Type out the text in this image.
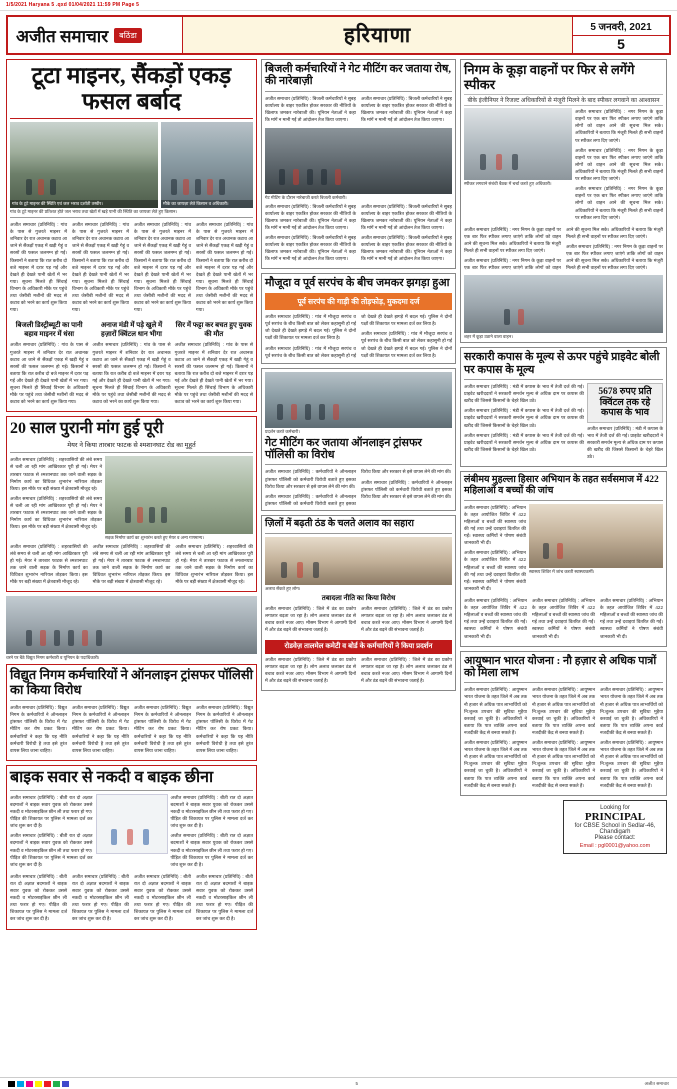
1/5/2021 Haryana 5 .qxd 01/04/2021 11:59 PM Page 5
अजीत समाचार	बठिंडा	हरियाणा	5 जनवरी, 2021
5
टूटा माइनर, सैंकड़ों एकड़ फसल बर्बाद
गांव के टूटे माइनर की स्थिति एवं जल भराव दर्शाती तस्वीर।	मौके का जायज़ा लेते किसान व अधिकारी।
गांव के टूटे माइनर की प्रतिशत होते जल भराव तथा खेतों में खड़े पानी की स्थिति का जायजा लेते हुए किसान।

अजीत समाचार (प्रतिनिधि) : गांव के पास से गुजरते माइनर में शनिवार देर रात अचानक कटाव आ जाने से सैंकड़ों एकड़ में खड़ी गेहूं व सरसों की फसल जलमग्न हो गई। किसानों ने बताया कि रात करीब दो बजे माइनर में दरार पड़ गई और देखते ही देखते पानी खेतों में भर गया। सूचना मिलते ही सिंचाई विभाग के अधिकारी मौके पर पहुंचे तथा जेसीबी मशीनों की मदद से कटाव को भरने का कार्य शुरू किया गया।

अजीत समाचार (प्रतिनिधि) : गांव के पास से गुजरते माइनर में शनिवार देर रात अचानक कटाव आ जाने से सैंकड़ों एकड़ में खड़ी गेहूं व सरसों की फसल जलमग्न हो गई। किसानों ने बताया कि रात करीब दो बजे माइनर में दरार पड़ गई और देखते ही देखते पानी खेतों में भर गया। सूचना मिलते ही सिंचाई विभाग के अधिकारी मौके पर पहुंचे तथा जेसीबी मशीनों की मदद से कटाव को भरने का कार्य शुरू किया गया।

अजीत समाचार (प्रतिनिधि) : गांव के पास से गुजरते माइनर में शनिवार देर रात अचानक कटाव आ जाने से सैंकड़ों एकड़ में खड़ी गेहूं व सरसों की फसल जलमग्न हो गई। किसानों ने बताया कि रात करीब दो बजे माइनर में दरार पड़ गई और देखते ही देखते पानी खेतों में भर गया। सूचना मिलते ही सिंचाई विभाग के अधिकारी मौके पर पहुंचे तथा जेसीबी मशीनों की मदद से कटाव को भरने का कार्य शुरू किया गया।

अजीत समाचार (प्रतिनिधि) : गांव के पास से गुजरते माइनर में शनिवार देर रात अचानक कटाव आ जाने से सैंकड़ों एकड़ में खड़ी गेहूं व सरसों की फसल जलमग्न हो गई। किसानों ने बताया कि रात करीब दो बजे माइनर में दरार पड़ गई और देखते ही देखते पानी खेतों में भर गया। सूचना मिलते ही सिंचाई विभाग के अधिकारी मौके पर पहुंचे तथा जेसीबी मशीनों की मदद से कटाव को भरने का कार्य शुरू किया गया।

बिजली डिस्ट्रीब्यूटी का पानी बहाव माइनर में धंसा

अजीत समाचार (प्रतिनिधि) : गांव के पास से गुजरते माइनर में शनिवार देर रात अचानक कटाव आ जाने से सैंकड़ों एकड़ में खड़ी गेहूं व सरसों की फसल जलमग्न हो गई। किसानों ने बताया कि रात करीब दो बजे माइनर में दरार पड़ गई और देखते ही देखते पानी खेतों में भर गया। सूचना मिलते ही सिंचाई विभाग के अधिकारी मौके पर पहुंचे तथा जेसीबी मशीनों की मदद से कटाव को भरने का कार्य शुरू किया गया।

अनाज मंडी में पड़े खुले में हज़ारों क्विंटल धान भीगा

अजीत समाचार (प्रतिनिधि) : गांव के पास से गुजरते माइनर में शनिवार देर रात अचानक कटाव आ जाने से सैंकड़ों एकड़ में खड़ी गेहूं व सरसों की फसल जलमग्न हो गई। किसानों ने बताया कि रात करीब दो बजे माइनर में दरार पड़ गई और देखते ही देखते पानी खेतों में भर गया। सूचना मिलते ही सिंचाई विभाग के अधिकारी मौके पर पहुंचे तथा जेसीबी मशीनों की मदद से कटाव को भरने का कार्य शुरू किया गया।

सिर में फट्टा कर बचत हुए युवक की मौत

अजीत समाचार (प्रतिनिधि) : गांव के पास से गुजरते माइनर में शनिवार देर रात अचानक कटाव आ जाने से सैंकड़ों एकड़ में खड़ी गेहूं व सरसों की फसल जलमग्न हो गई। किसानों ने बताया कि रात करीब दो बजे माइनर में दरार पड़ गई और देखते ही देखते पानी खेतों में भर गया। सूचना मिलते ही सिंचाई विभाग के अधिकारी मौके पर पहुंचे तथा जेसीबी मशीनों की मदद से कटाव को भरने का कार्य शुरू किया गया।

20 साल पुरानी मांग हुई पूरी
मेयर ने किया तारबार फाटक से श्मशानघाट रोड का मुहूर्त

अजीत समाचार (प्रतिनिधि) : शहरवासियों की लंबे समय से चली आ रही मांग आखिरकार पूरी हो गई। मेयर ने तारबार फाटक से श्मशानघाट तक जाने वाली सड़क के निर्माण कार्य का विधिवत शुभारंभ नारियल तोड़कर किया। इस मौके पर बड़ी संख्या में क्षेत्रवासी मौजूद रहे।

अजीत समाचार (प्रतिनिधि) : शहरवासियों की लंबे समय से चली आ रही मांग आखिरकार पूरी हो गई। मेयर ने तारबार फाटक से श्मशानघाट तक जाने वाली सड़क के निर्माण कार्य का विधिवत शुभारंभ नारियल तोड़कर किया। इस मौके पर बड़ी संख्या में क्षेत्रवासी मौजूद रहे।

सड़क निर्माण कार्य का शुभारंभ करते हुए मेयर व अन्य गणमान्य।

अजीत समाचार (प्रतिनिधि) : शहरवासियों की लंबे समय से चली आ रही मांग आखिरकार पूरी हो गई। मेयर ने तारबार फाटक से श्मशानघाट तक जाने वाली सड़क के निर्माण कार्य का विधिवत शुभारंभ नारियल तोड़कर किया। इस मौके पर बड़ी संख्या में क्षेत्रवासी मौजूद रहे।

अजीत समाचार (प्रतिनिधि) : शहरवासियों की लंबे समय से चली आ रही मांग आखिरकार पूरी हो गई। मेयर ने तारबार फाटक से श्मशानघाट तक जाने वाली सड़क के निर्माण कार्य का विधिवत शुभारंभ नारियल तोड़कर किया। इस मौके पर बड़ी संख्या में क्षेत्रवासी मौजूद रहे।

अजीत समाचार (प्रतिनिधि) : शहरवासियों की लंबे समय से चली आ रही मांग आखिरकार पूरी हो गई। मेयर ने तारबार फाटक से श्मशानघाट तक जाने वाली सड़क के निर्माण कार्य का विधिवत शुभारंभ नारियल तोड़कर किया। इस मौके पर बड़ी संख्या में क्षेत्रवासी मौजूद रहे।

धरने पर बैठे विद्युत निगम कर्मचारी व यूनियन के पदाधिकारी।
विद्युत निगम कर्मचारियों ने ऑनलाइन ट्रांसफर पॉलिसी का किया विरोध

अजीत समाचार (प्रतिनिधि) : विद्युत निगम के कर्मचारियों ने ऑनलाइन ट्रांसफर पॉलिसी के विरोध में गेट मीटिंग कर रोष प्रकट किया। कर्मचारियों ने कहा कि यह नीति कर्मचारी विरोधी है तथा इसे तुरंत वापस लिया जाना चाहिए।

अजीत समाचार (प्रतिनिधि) : विद्युत निगम के कर्मचारियों ने ऑनलाइन ट्रांसफर पॉलिसी के विरोध में गेट मीटिंग कर रोष प्रकट किया। कर्मचारियों ने कहा कि यह नीति कर्मचारी विरोधी है तथा इसे तुरंत वापस लिया जाना चाहिए।

अजीत समाचार (प्रतिनिधि) : विद्युत निगम के कर्मचारियों ने ऑनलाइन ट्रांसफर पॉलिसी के विरोध में गेट मीटिंग कर रोष प्रकट किया। कर्मचारियों ने कहा कि यह नीति कर्मचारी विरोधी है तथा इसे तुरंत वापस लिया जाना चाहिए।

अजीत समाचार (प्रतिनिधि) : विद्युत निगम के कर्मचारियों ने ऑनलाइन ट्रांसफर पॉलिसी के विरोध में गेट मीटिंग कर रोष प्रकट किया। कर्मचारियों ने कहा कि यह नीति कर्मचारी विरोधी है तथा इसे तुरंत वापस लिया जाना चाहिए।

बाइक सवार से नकदी व बाइक छीना

अजीत समाचार (प्रतिनिधि) : बीती रात दो अज्ञात बदमाशों ने बाइक सवार युवक को रोककर उससे नकदी व मोटरसाइकिल छीन ली तथा फरार हो गए। पीड़ित की शिकायत पर पुलिस ने मामला दर्ज कर जांच शुरू कर दी है।

अजीत समाचार (प्रतिनिधि) : बीती रात दो अज्ञात बदमाशों ने बाइक सवार युवक को रोककर उससे नकदी व मोटरसाइकिल छीन ली तथा फरार हो गए। पीड़ित की शिकायत पर पुलिस ने मामला दर्ज कर जांच शुरू कर दी है।

अजीत समाचार (प्रतिनिधि) : बीती रात दो अज्ञात बदमाशों ने बाइक सवार युवक को रोककर उससे नकदी व मोटरसाइकिल छीन ली तथा फरार हो गए। पीड़ित की शिकायत पर पुलिस ने मामला दर्ज कर जांच शुरू कर दी है।

अजीत समाचार (प्रतिनिधि) : बीती रात दो अज्ञात बदमाशों ने बाइक सवार युवक को रोककर उससे नकदी व मोटरसाइकिल छीन ली तथा फरार हो गए। पीड़ित की शिकायत पर पुलिस ने मामला दर्ज कर जांच शुरू कर दी है।

अजीत समाचार (प्रतिनिधि) : बीती रात दो अज्ञात बदमाशों ने बाइक सवार युवक को रोककर उससे नकदी व मोटरसाइकिल छीन ली तथा फरार हो गए। पीड़ित की शिकायत पर पुलिस ने मामला दर्ज कर जांच शुरू कर दी है।

अजीत समाचार (प्रतिनिधि) : बीती रात दो अज्ञात बदमाशों ने बाइक सवार युवक को रोककर उससे नकदी व मोटरसाइकिल छीन ली तथा फरार हो गए। पीड़ित की शिकायत पर पुलिस ने मामला दर्ज कर जांच शुरू कर दी है।

अजीत समाचार (प्रतिनिधि) : बीती रात दो अज्ञात बदमाशों ने बाइक सवार युवक को रोककर उससे नकदी व मोटरसाइकिल छीन ली तथा फरार हो गए। पीड़ित की शिकायत पर पुलिस ने मामला दर्ज कर जांच शुरू कर दी है।

अजीत समाचार (प्रतिनिधि) : बीती रात दो अज्ञात बदमाशों ने बाइक सवार युवक को रोककर उससे नकदी व मोटरसाइकिल छीन ली तथा फरार हो गए। पीड़ित की शिकायत पर पुलिस ने मामला दर्ज कर जांच शुरू कर दी है।

बिजली कर्मचारियों ने गेट मीटिंग कर जताया रोष, की नारेबाज़ी

अजीत समाचार (प्रतिनिधि) : बिजली कर्मचारियों ने सुबह कार्यालय के बाहर एकत्रित होकर सरकार की नीतियों के खिलाफ जमकर नारेबाजी की। यूनियन नेताओं ने कहा कि मांगें न मानी गईं तो आंदोलन तेज किया जाएगा।

अजीत समाचार (प्रतिनिधि) : बिजली कर्मचारियों ने सुबह कार्यालय के बाहर एकत्रित होकर सरकार की नीतियों के खिलाफ जमकर नारेबाजी की। यूनियन नेताओं ने कहा कि मांगें न मानी गईं तो आंदोलन तेज किया जाएगा।

गेट मीटिंग के दौरान नारेबाजी करते बिजली कर्मचारी।

अजीत समाचार (प्रतिनिधि) : बिजली कर्मचारियों ने सुबह कार्यालय के बाहर एकत्रित होकर सरकार की नीतियों के खिलाफ जमकर नारेबाजी की। यूनियन नेताओं ने कहा कि मांगें न मानी गईं तो आंदोलन तेज किया जाएगा।

अजीत समाचार (प्रतिनिधि) : बिजली कर्मचारियों ने सुबह कार्यालय के बाहर एकत्रित होकर सरकार की नीतियों के खिलाफ जमकर नारेबाजी की। यूनियन नेताओं ने कहा कि मांगें न मानी गईं तो आंदोलन तेज किया जाएगा।

अजीत समाचार (प्रतिनिधि) : बिजली कर्मचारियों ने सुबह कार्यालय के बाहर एकत्रित होकर सरकार की नीतियों के खिलाफ जमकर नारेबाजी की। यूनियन नेताओं ने कहा कि मांगें न मानी गईं तो आंदोलन तेज किया जाएगा।

अजीत समाचार (प्रतिनिधि) : बिजली कर्मचारियों ने सुबह कार्यालय के बाहर एकत्रित होकर सरकार की नीतियों के खिलाफ जमकर नारेबाजी की। यूनियन नेताओं ने कहा कि मांगें न मानी गईं तो आंदोलन तेज किया जाएगा।

मौजूदा व पूर्व सरपंच के बीच जमकर झगड़ा हुआ
पूर्व सरपंच की गाड़ी की तोड़फोड़, मुकदमा दर्ज

अजीत समाचार (प्रतिनिधि) : गांव में मौजूदा सरपंच व पूर्व सरपंच के बीच किसी बात को लेकर कहासुनी हो गई जो देखते ही देखते झगड़े में बदल गई। पुलिस ने दोनों पक्षों की शिकायत पर मामला दर्ज कर लिया है।

अजीत समाचार (प्रतिनिधि) : गांव में मौजूदा सरपंच व पूर्व सरपंच के बीच किसी बात को लेकर कहासुनी हो गई जो देखते ही देखते झगड़े में बदल गई। पुलिस ने दोनों पक्षों की शिकायत पर मामला दर्ज कर लिया है।

अजीत समाचार (प्रतिनिधि) : गांव में मौजूदा सरपंच व पूर्व सरपंच के बीच किसी बात को लेकर कहासुनी हो गई जो देखते ही देखते झगड़े में बदल गई। पुलिस ने दोनों पक्षों की शिकायत पर मामला दर्ज कर लिया है।

प्रदर्शन करते कर्मचारी।
गेट मीटिंग कर जताया ऑनलाइन ट्रांसफर पॉलिसी का विरोध

अजीत समाचार (प्रतिनिधि) : कर्मचारियों ने ऑनलाइन ट्रांसफर पॉलिसी को कर्मचारी विरोधी बताते हुए इसका विरोध किया और सरकार से इसे वापस लेने की मांग की।

अजीत समाचार (प्रतिनिधि) : कर्मचारियों ने ऑनलाइन ट्रांसफर पॉलिसी को कर्मचारी विरोधी बताते हुए इसका विरोध किया और सरकार से इसे वापस लेने की मांग की।

अजीत समाचार (प्रतिनिधि) : कर्मचारियों ने ऑनलाइन ट्रांसफर पॉलिसी को कर्मचारी विरोधी बताते हुए इसका विरोध किया और सरकार से इसे वापस लेने की मांग की।

ज़िलों में बढ़ती ठंड के चलते अलाव का सहारा
अलाव सेंकते हुए लोग।
तबादला नीति का किया विरोध

अजीत समाचार (प्रतिनिधि) : जिले में ठंड का प्रकोप लगातार बढ़ता जा रहा है। लोग अलाव जलाकर ठंड से बचाव करते नजर आए। मौसम विभाग ने आगामी दिनों में और ठंड बढ़ने की संभावना जताई है।

अजीत समाचार (प्रतिनिधि) : जिले में ठंड का प्रकोप लगातार बढ़ता जा रहा है। लोग अलाव जलाकर ठंड से बचाव करते नजर आए। मौसम विभाग ने आगामी दिनों में और ठंड बढ़ने की संभावना जताई है।

रोडवेज़ तालमेल कमेटी व बोर्ड के कर्मचारियों ने किया प्रदर्शन

अजीत समाचार (प्रतिनिधि) : जिले में ठंड का प्रकोप लगातार बढ़ता जा रहा है। लोग अलाव जलाकर ठंड से बचाव करते नजर आए। मौसम विभाग ने आगामी दिनों में और ठंड बढ़ने की संभावना जताई है।

अजीत समाचार (प्रतिनिधि) : जिले में ठंड का प्रकोप लगातार बढ़ता जा रहा है। लोग अलाव जलाकर ठंड से बचाव करते नजर आए। मौसम विभाग ने आगामी दिनों में और ठंड बढ़ने की संभावना जताई है।

निगम के कूड़ा वाहनों पर फिर से लगेंगे स्पीकर
बीके इंजीनियर ने रिजल्ट अधिकारियों से मंजूरी मिलने के बाद स्पीकर लगवाने का आश्वासन
स्पीकर लगवाने संबंधी बैठक में चर्चा करते हुए अधिकारी।

अजीत समाचार (प्रतिनिधि) : नगर निगम के कूड़ा वाहनों पर एक बार फिर स्पीकर लगाए जाएंगे ताकि लोगों को वाहन आने की सूचना मिल सके। अधिकारियों ने बताया कि मंजूरी मिलते ही सभी वाहनों पर स्पीकर लगा दिए जाएंगे।

अजीत समाचार (प्रतिनिधि) : नगर निगम के कूड़ा वाहनों पर एक बार फिर स्पीकर लगाए जाएंगे ताकि लोगों को वाहन आने की सूचना मिल सके। अधिकारियों ने बताया कि मंजूरी मिलते ही सभी वाहनों पर स्पीकर लगा दिए जाएंगे।

अजीत समाचार (प्रतिनिधि) : नगर निगम के कूड़ा वाहनों पर एक बार फिर स्पीकर लगाए जाएंगे ताकि लोगों को वाहन आने की सूचना मिल सके। अधिकारियों ने बताया कि मंजूरी मिलते ही सभी वाहनों पर स्पीकर लगा दिए जाएंगे।

अजीत समाचार (प्रतिनिधि) : नगर निगम के कूड़ा वाहनों पर एक बार फिर स्पीकर लगाए जाएंगे ताकि लोगों को वाहन आने की सूचना मिल सके। अधिकारियों ने बताया कि मंजूरी मिलते ही सभी वाहनों पर स्पीकर लगा दिए जाएंगे।

अजीत समाचार (प्रतिनिधि) : नगर निगम के कूड़ा वाहनों पर एक बार फिर स्पीकर लगाए जाएंगे ताकि लोगों को वाहन आने की सूचना मिल सके। अधिकारियों ने बताया कि मंजूरी मिलते ही सभी वाहनों पर स्पीकर लगा दिए जाएंगे।

अजीत समाचार (प्रतिनिधि) : नगर निगम के कूड़ा वाहनों पर एक बार फिर स्पीकर लगाए जाएंगे ताकि लोगों को वाहन आने की सूचना मिल सके। अधिकारियों ने बताया कि मंजूरी मिलते ही सभी वाहनों पर स्पीकर लगा दिए जाएंगे।

शहर में कूड़ा उठाने वाला वाहन।
सरकारी कपास के मूल्य से ऊपर पहुंचे प्राइवेट बोली पर कपास के मूल्य

अजीत समाचार (प्रतिनिधि) : मंडी में कपास के भाव में तेजी दर्ज की गई। प्राइवेट खरीददारों ने सरकारी समर्थन मूल्य से अधिक दाम पर कपास की खरीद की जिससे किसानों के चेहरे खिल उठे।

अजीत समाचार (प्रतिनिधि) : मंडी में कपास के भाव में तेजी दर्ज की गई। प्राइवेट खरीददारों ने सरकारी समर्थन मूल्य से अधिक दाम पर कपास की खरीद की जिससे किसानों के चेहरे खिल उठे।

अजीत समाचार (प्रतिनिधि) : मंडी में कपास के भाव में तेजी दर्ज की गई। प्राइवेट खरीददारों ने सरकारी समर्थन मूल्य से अधिक दाम पर कपास की खरीद की जिससे किसानों के चेहरे खिल उठे।

5678 रुपए प्रति क्विंटल तक रहे कपास के भाव

अजीत समाचार (प्रतिनिधि) : मंडी में कपास के भाव में तेजी दर्ज की गई। प्राइवेट खरीददारों ने सरकारी समर्थन मूल्य से अधिक दाम पर कपास की खरीद की जिससे किसानों के चेहरे खिल उठे।

लंबीमय मुहल्ला हिसार अभियान के तहत सर्वसमाज में 422 महिलाओं व बच्चों की जांच

अजीत समाचार (प्रतिनिधि) : अभियान के तहत आयोजित शिविर में 422 महिलाओं व बच्चों की स्वास्थ्य जांच की गई तथा उन्हें दवाइयां वितरित की गईं। स्वास्थ्य कर्मियों ने पोषण संबंधी जानकारी भी दी।

अजीत समाचार (प्रतिनिधि) : अभियान के तहत आयोजित शिविर में 422 महिलाओं व बच्चों की स्वास्थ्य जांच की गई तथा उन्हें दवाइयां वितरित की गईं। स्वास्थ्य कर्मियों ने पोषण संबंधी जानकारी भी दी।

स्वास्थ्य शिविर में जांच करती स्वास्थ्यकर्मी।

अजीत समाचार (प्रतिनिधि) : अभियान के तहत आयोजित शिविर में 422 महिलाओं व बच्चों की स्वास्थ्य जांच की गई तथा उन्हें दवाइयां वितरित की गईं। स्वास्थ्य कर्मियों ने पोषण संबंधी जानकारी भी दी।

अजीत समाचार (प्रतिनिधि) : अभियान के तहत आयोजित शिविर में 422 महिलाओं व बच्चों की स्वास्थ्य जांच की गई तथा उन्हें दवाइयां वितरित की गईं। स्वास्थ्य कर्मियों ने पोषण संबंधी जानकारी भी दी।

अजीत समाचार (प्रतिनिधि) : अभियान के तहत आयोजित शिविर में 422 महिलाओं व बच्चों की स्वास्थ्य जांच की गई तथा उन्हें दवाइयां वितरित की गईं। स्वास्थ्य कर्मियों ने पोषण संबंधी जानकारी भी दी।

आयुष्मान भारत योजना : नौ हज़ार से अधिक पात्रों को मिला लाभ

अजीत समाचार (प्रतिनिधि) : आयुष्मान भारत योजना के तहत जिले में अब तक नौ हजार से अधिक पात्र लाभार्थियों को नि:शुल्क उपचार की सुविधा मुहैया करवाई जा चुकी है। अधिकारियों ने बताया कि पात्र व्यक्ति अपना कार्ड नजदीकी केंद्र से बनवा सकते हैं।

अजीत समाचार (प्रतिनिधि) : आयुष्मान भारत योजना के तहत जिले में अब तक नौ हजार से अधिक पात्र लाभार्थियों को नि:शुल्क उपचार की सुविधा मुहैया करवाई जा चुकी है। अधिकारियों ने बताया कि पात्र व्यक्ति अपना कार्ड नजदीकी केंद्र से बनवा सकते हैं।

अजीत समाचार (प्रतिनिधि) : आयुष्मान भारत योजना के तहत जिले में अब तक नौ हजार से अधिक पात्र लाभार्थियों को नि:शुल्क उपचार की सुविधा मुहैया करवाई जा चुकी है। अधिकारियों ने बताया कि पात्र व्यक्ति अपना कार्ड नजदीकी केंद्र से बनवा सकते हैं।

अजीत समाचार (प्रतिनिधि) : आयुष्मान भारत योजना के तहत जिले में अब तक नौ हजार से अधिक पात्र लाभार्थियों को नि:शुल्क उपचार की सुविधा मुहैया करवाई जा चुकी है। अधिकारियों ने बताया कि पात्र व्यक्ति अपना कार्ड नजदीकी केंद्र से बनवा सकते हैं।

अजीत समाचार (प्रतिनिधि) : आयुष्मान भारत योजना के तहत जिले में अब तक नौ हजार से अधिक पात्र लाभार्थियों को नि:शुल्क उपचार की सुविधा मुहैया करवाई जा चुकी है। अधिकारियों ने बताया कि पात्र व्यक्ति अपना कार्ड नजदीकी केंद्र से बनवा सकते हैं।

अजीत समाचार (प्रतिनिधि) : आयुष्मान भारत योजना के तहत जिले में अब तक नौ हजार से अधिक पात्र लाभार्थियों को नि:शुल्क उपचार की सुविधा मुहैया करवाई जा चुकी है। अधिकारियों ने बताया कि पात्र व्यक्ति अपना कार्ड नजदीकी केंद्र से बनवा सकते हैं।

Looking for
PRINCIPAL
for CBSE School in Sedlar-46, Chandigarh
Please contact:
Email : pgl0001@yahoo.com
5	अजीत समाचार
